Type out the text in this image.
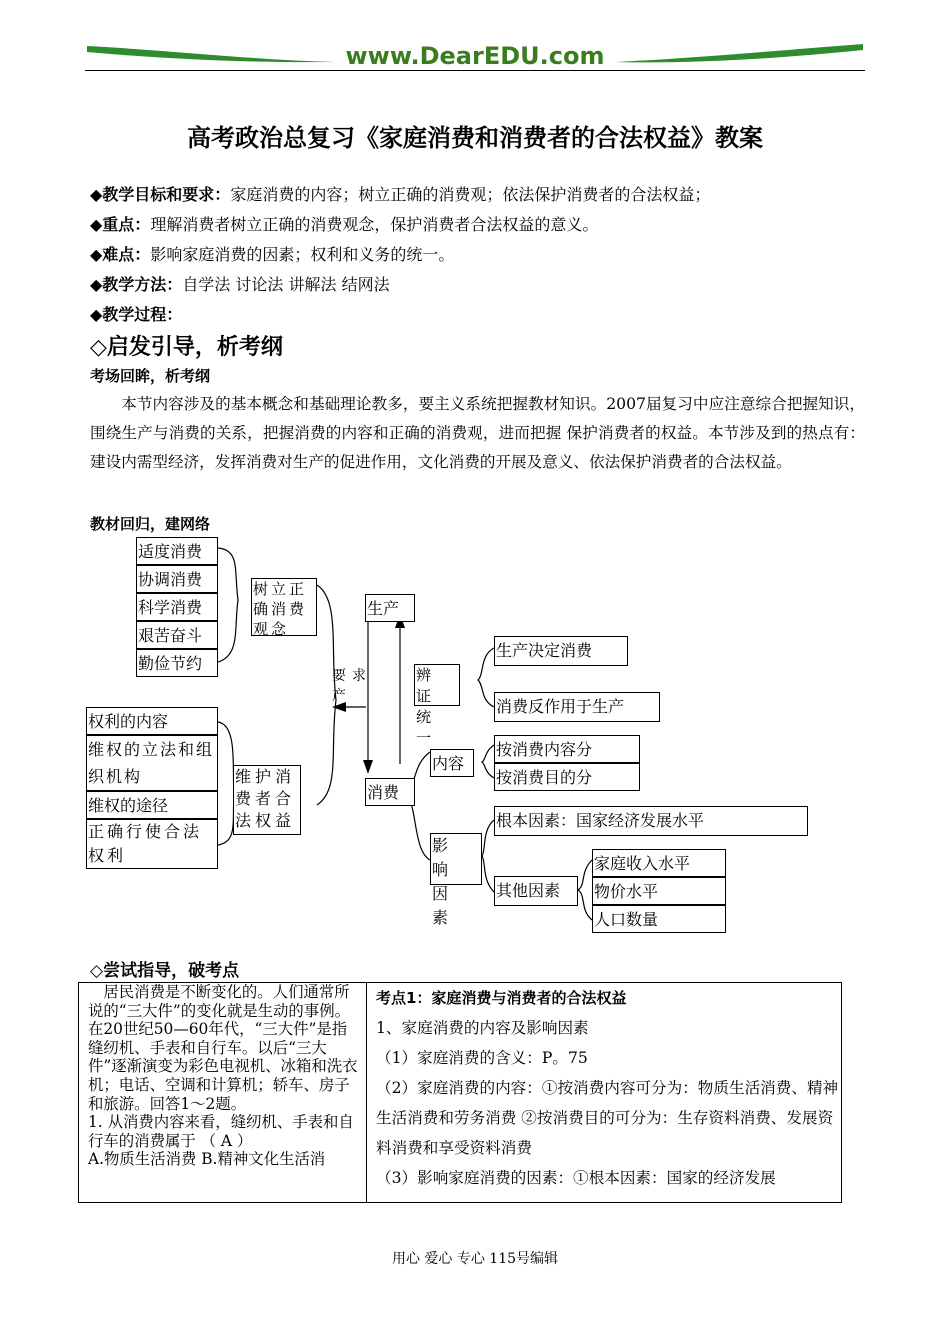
www.DearEDU.com
高考政治总复习《家庭消费和消费者的合法权益》教案
◆教学目标和要求：家庭消费的内容；树立正确的消费观；依法保护消费者的合法权益；
◆重点：理解消费者树立正确的消费观念，保护消费者合法权益的意义。
◆难点：影响家庭消费的因素；权利和义务的统一。
◆教学方法：自学法 讨论法 讲解法 结网法
◆教学过程：
◇启发引导，析考纲
考场回眸，析考纲
本节内容涉及的基本概念和基础理论教多，要主义系统把握教材知识。2007届复习中应注意综合把握知识，围绕生产与消费的关系，把握消费的内容和正确的消费观，进而把握 保护消费者的权益。本节涉及到的热点有：建设内需型经济，发挥消费对生产的促进作用，文化消费的开展及意义、依法保护消费者的合法权益。
教材回归，建网络
适度消费
协调消费
科学消费
艰苦奋斗
勤俭节约
树立正确消费观念
权利的内容
维权的立法和组织机构
维权的途径
正确行使合法权利
维护消费者合法权益
要求产
生产
消费
辨证统一
生产决定消费
消费反作用于生产
内容
按消费内容分
按消费目的分
影响因素
根本因素：国家经济发展水平
其他因素
家庭收入水平
物价水平
人口数量
◇尝试指导，破考点
居民消费是不断变化的。人们通常所说的“三大件”的变化就是生动的事例。在20世纪50—60年代，“三大件”是指缝纫机、手表和自行车。以后“三大件”逐渐演变为彩色电视机、冰箱和洗衣机；电话、空调和计算机；轿车、房子和旅游。回答1～2题。
1. 从消费内容来看，缝纫机、手表和自行车的消费属于 （ A ）
A.物质生活消费 B.精神文化生活消
考点1：家庭消费与消费者的合法权益
1、家庭消费的内容及影响因素
（1）家庭消费的含义：P。75
（2）家庭消费的内容：①按消费内容可分为：物质生活消费、精神生活消费和劳务消费 ②按消费目的可分为：生存资料消费、发展资料消费和享受资料消费
（3）影响家庭消费的因素：①根本因素：国家的经济发展
用心 爱心 专心 115号编辑
